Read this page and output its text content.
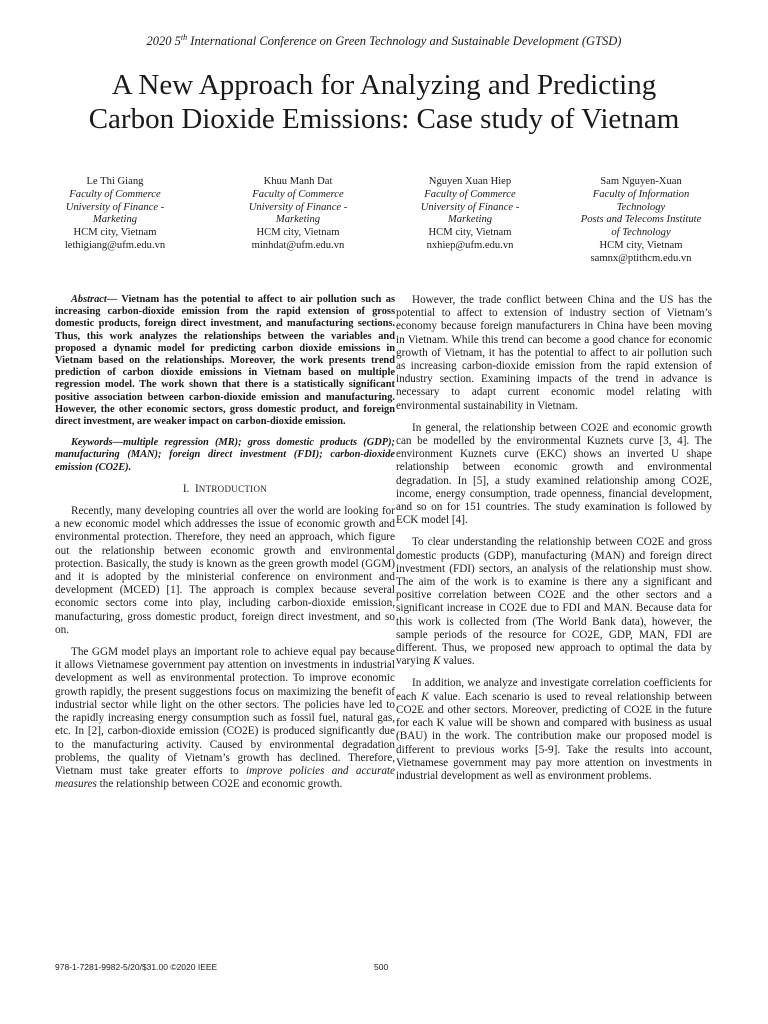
2020 5th International Conference on Green Technology and Sustainable Development (GTSD)
A New Approach for Analyzing and Predicting
Carbon Dioxide Emissions: Case study of Vietnam
Le Thi Giang
Faculty of Commerce
University of Finance -
Marketing
HCM city, Vietnam
lethigiang@ufm.edu.vn
Khuu Manh Dat
Faculty of Commerce
University of Finance -
Marketing
HCM city, Vietnam
minhdat@ufm.edu.vn
Nguyen Xuan Hiep
Faculty of Commerce
University of Finance -
Marketing
HCM city, Vietnam
nxhiep@ufm.edu.vn
Sam Nguyen-Xuan
Faculty of Information
Technology
Posts and Telecoms Institute
of Technology
HCM city, Vietnam
samnx@ptithcm.edu.vn

Abstract— Vietnam has the potential to affect to air pollution such as increasing carbon-dioxide emission from the rapid extension of gross domestic products, foreign direct investment, and manufacturing sections. Thus, this work analyzes the relationships between the variables and proposed a dynamic model for predicting carbon dioxide emissions in Vietnam based on the relationships. Moreover, the work presents trend prediction of carbon dioxide emissions in Vietnam based on multiple regression model. The work shown that there is a statistically significant positive association between carbon-dioxide emission and manufacturing. However, the other economic sectors, gross domestic product, and foreign direct investment, are weaker impact on carbon-dioxide emission.

Keywords—multiple regression (MR); gross domestic products (GDP); manufacturing (MAN); foreign direct investment (FDI); carbon-dioxide emission (CO2E).

I. INTRODUCTION

Recently, many developing countries all over the world are looking for a new economic model which addresses the issue of economic growth and environmental protection. Therefore, they need an approach, which figure out the relationship between economic growth and environmental protection. Basically, the study is known as the green growth model (GGM) and it is adopted by the ministerial conference on environment and development (MCED) [1]. The approach is complex because several economic sectors come into play, including carbon-dioxide emission, manufacturing, gross domestic product, foreign direct investment, and so on.

The GGM model plays an important role to achieve equal pay because it allows Vietnamese government pay attention on investments in industrial development as well as environmental protection. To improve economic growth rapidly, the present suggestions focus on maximizing the benefit of industrial sector while light on the other sectors. The policies have led to the rapidly increasing energy consumption such as fossil fuel, natural gas, etc. In [2], carbon-dioxide emission (CO2E) is produced significantly due to the manufacturing activity. Caused by environmental degradation problems, the quality of Vietnam’s growth has declined. Therefore, Vietnam must take greater efforts to improve policies and accurate measures the relationship between CO2E and economic growth.

However, the trade conflict between China and the US has the potential to affect to extension of industry section of Vietnam’s economy because foreign manufacturers in China have been moving in Vietnam. While this trend can become a good chance for economic growth of Vietnam, it has the potential to affect to air pollution such as increasing carbon-dioxide emission from the rapid extension of industry section. Examining impacts of the trend in advance is necessary to adapt current economic model relating with environmental sustainability in Vietnam.

In general, the relationship between CO2E and economic growth can be modelled by the environmental Kuznets curve [3, 4]. The environment Kuznets curve (EKC) shows an inverted U shape relationship between economic growth and environmental degradation. In [5], a study examined relationship among CO2E, income, energy consumption, trade openness, financial development, and so on for 151 countries. The study examination is followed by ECK model [4].

To clear understanding the relationship between CO2E and gross domestic products (GDP), manufacturing (MAN) and foreign direct investment (FDI) sectors, an analysis of the relationship must show. The aim of the work is to examine is there any a significant and positive correlation between CO2E and the other sectors and a significant increase in CO2E due to FDI and MAN. Because data for this work is collected from (The World Bank data), however, the sample periods of the resource for CO2E, GDP, MAN, FDI are different. Thus, we proposed new approach to optimal the data by varying K values.

In addition, we analyze and investigate correlation coefficients for each K value. Each scenario is used to reveal relationship between CO2E and other sectors. Moreover, predicting of CO2E in the future for each K value will be shown and compared with business as usual (BAU) in the work. The contribution make our proposed model is different to previous works [5-9]. Take the results into account, Vietnamese government may pay more attention on investments in industrial development as well as environment problems.

978-1-7281-9982-5/20/$31.00 ©2020 IEEE	500
